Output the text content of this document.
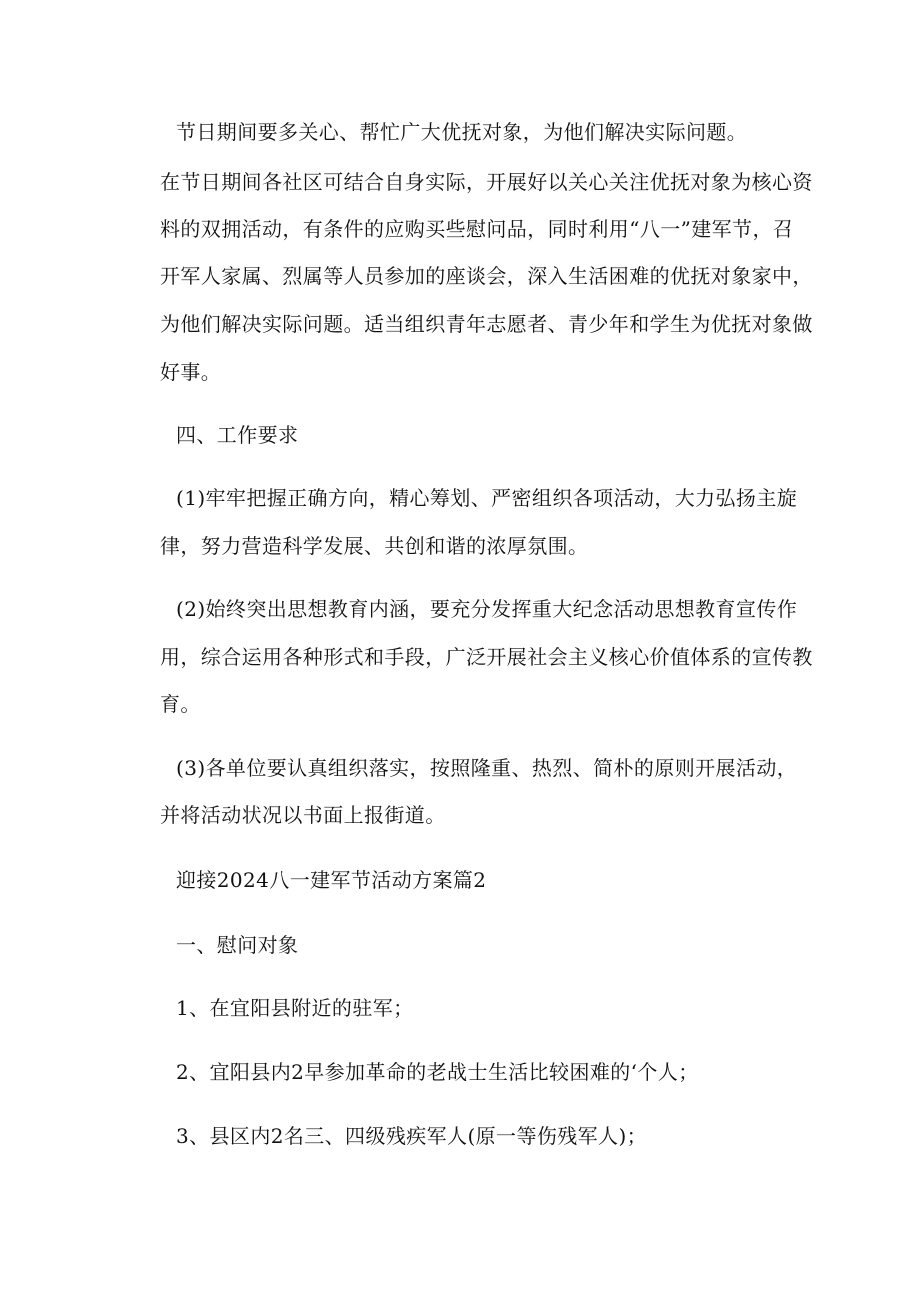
节日期间要多关心、帮忙广大优抚对象，为他们解决实际问题。
在节日期间各社区可结合自身实际，开展好以关心关注优抚对象为核心资
料的双拥活动，有条件的应购买些慰问品，同时利用“八一”建军节，召
开军人家属、烈属等人员参加的座谈会，深入生活困难的优抚对象家中，
为他们解决实际问题。适当组织青年志愿者、青少年和学生为优抚对象做
好事。
四、工作要求
(1)牢牢把握正确方向，精心筹划、严密组织各项活动，大力弘扬主旋
律，努力营造科学发展、共创和谐的浓厚氛围。
(2)始终突出思想教育内涵，要充分发挥重大纪念活动思想教育宣传作
用，综合运用各种形式和手段，广泛开展社会主义核心价值体系的宣传教
育。
(3)各单位要认真组织落实，按照隆重、热烈、简朴的原则开展活动，
并将活动状况以书面上报街道。
迎接2024八一建军节活动方案篇2
一、慰问对象
1、在宜阳县附近的驻军；
2、宜阳县内2早参加革命的老战士生活比较困难的‘个人；
3、县区内2名三、四级残疾军人(原一等伤残军人)；
